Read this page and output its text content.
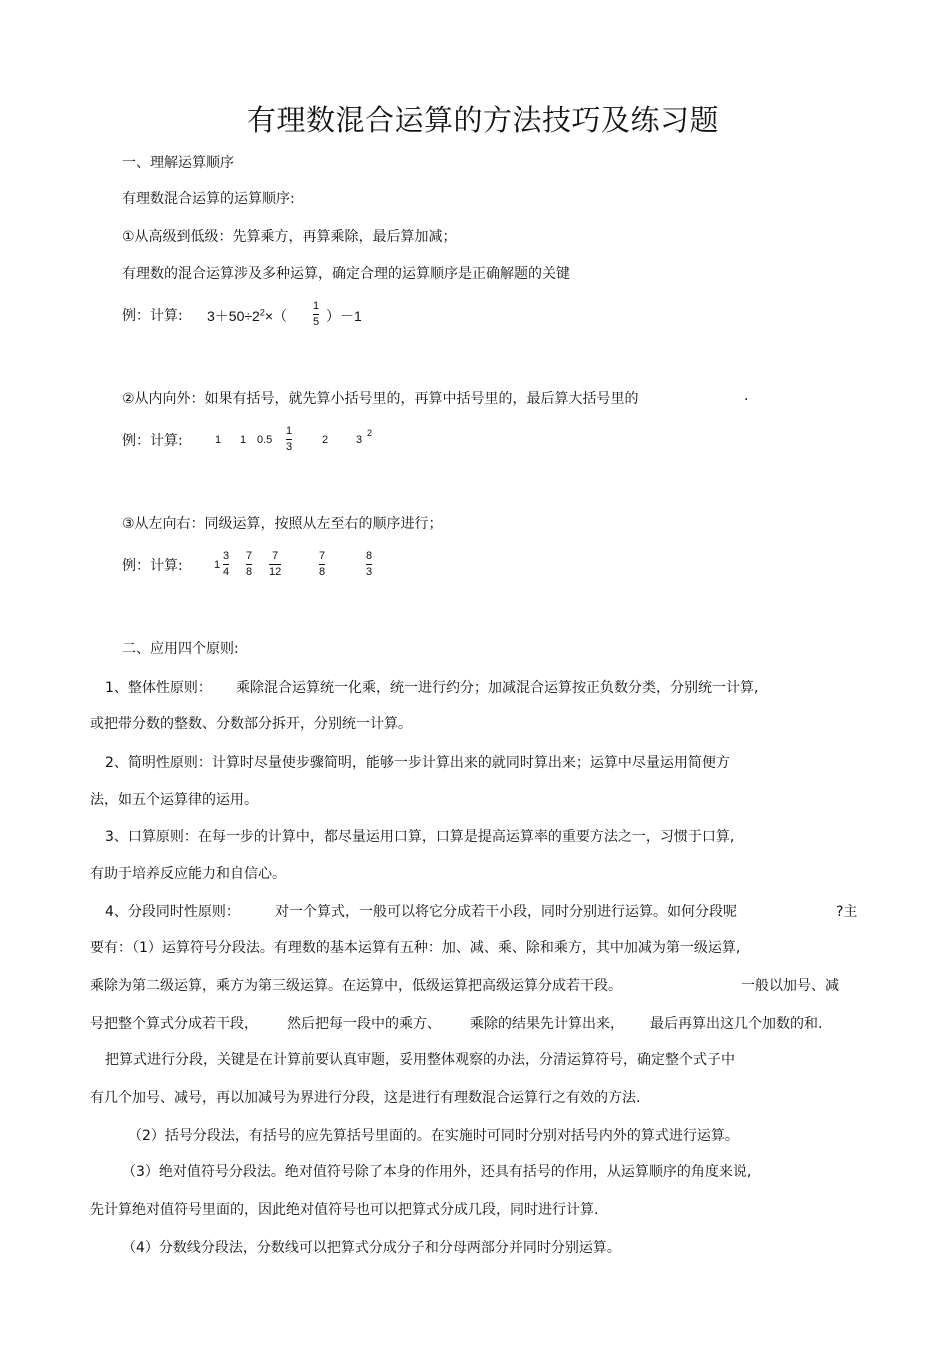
有理数混合运算的方法技巧及练习题
一、理解运算顺序
有理数混合运算的运算顺序:
①从高级到低级：先算乘方，再算乘除，最后算加减；
有理数的混合运算涉及多种运算，确定合理的运算顺序是正确解题的关键
例：计算: $3+50\div 2^2\times$（
1
5 ）－1
②从内向外：如果有括号，就先算小括号里的，再算中括号里的，最后算大括号里的	.
例：计算:	1 1 0.5
1
3
2	3
2
③从左向右：同级运算，按照从左至右的顺序进行；
例：计算:	1
3
4
7
8
7
12
7
8
8
3
二、应用四个原则:
1、整体性原则： 乘除混合运算统一化乘，统一进行约分；加减混合运算按正负数分类，分别统一计算,
或把带分数的整数、分数部分拆开，分别统一计算。
2、简明性原则：计算时尽量使步骤简明，能够一步计算出来的就同时算出来；运算中尽量运用简便方
法，如五个运算律的运用。
3、口算原则：在每一步的计算中，都尽量运用口算，口算是提高运算率的重要方法之一，习惯于口算,
有助于培养反应能力和自信心。
4、分段同时性原则：	对一个算式，一般可以将它分成若干小段，同时分别进行运算。如何分段呢	?主
要有：（1）运算符号分段法。有理数的基本运算有五种：加、减、乘、除和乘方，其中加减为第一级运算,
乘除为第二级运算，乘方为第三级运算。在运算中，低级运算把高级运算分成若干段。	一般以加号、减
号把整个算式分成若干段， 然后把每一段中的乘方、 乘除的结果先计算出来， 最后再算出这几个加数的和.
把算式进行分段，关键是在计算前要认真审题，妥用整体观察的办法，分清运算符号，确定整个式子中
有几个加号、减号，再以加减号为界进行分段，这是进行有理数混合运算行之有效的方法.
（2）括号分段法，有括号的应先算括号里面的。在实施时可同时分别对括号内外的算式进行运算。
（3）绝对值符号分段法。绝对值符号除了本身的作用外，还具有括号的作用，从运算顺序的角度来说,
先计算绝对值符号里面的，因此绝对值符号也可以把算式分成几段，同时进行计算.
（4）分数线分段法，分数线可以把算式分成分子和分母两部分并同时分别运算。
